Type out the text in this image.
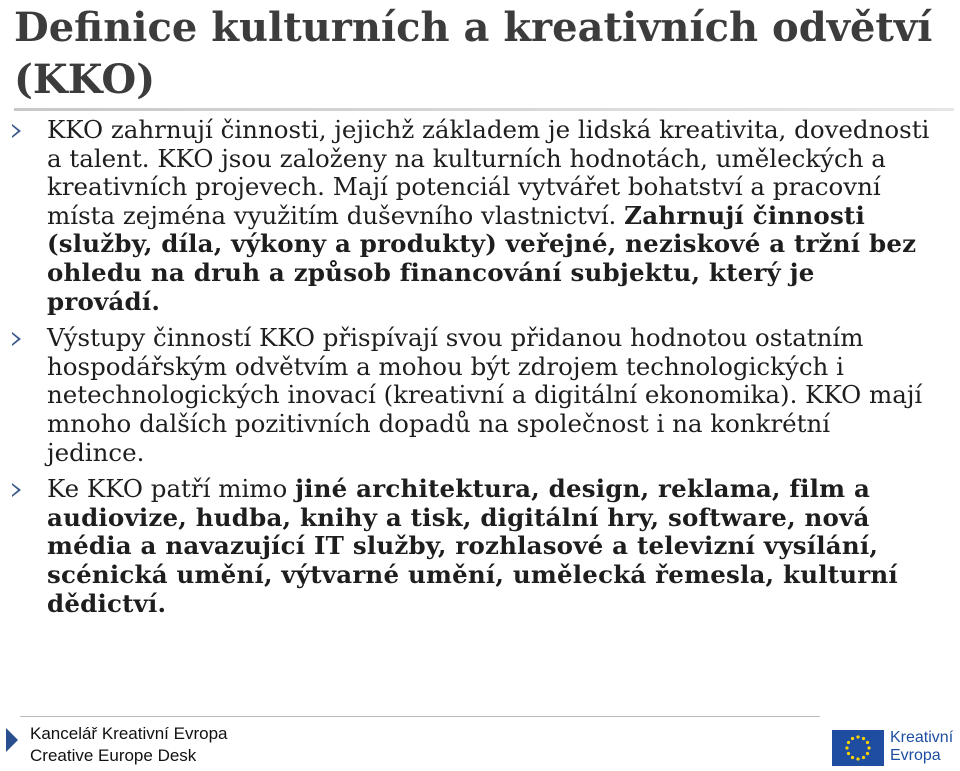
Definice kulturních a kreativních odvětví (KKO)

KKO zahrnují činnosti, jejichž základem je lidská kreativita, dovednosti a talent. KKO jsou založeny na kulturních hodnotách, uměleckých a kreativních projevech. Mají potenciál vytvářet bohatství a pracovní místa zejména využitím duševního vlastnictví. Zahrnují činnosti (služby, díla, výkony a produkty) veřejné, neziskové a tržní bez ohledu na druh a způsob financování subjektu, který je provádí.

Výstupy činností KKO přispívají svou přidanou hodnotou ostatním hospodářským odvětvím a mohou být zdrojem technologických i netechnologických inovací (kreativní a digitální ekonomika). KKO mají mnoho dalších pozitivních dopadů na společnost i na konkrétní jedince.

Ke KKO patří mimo jiné architektura, design, reklama, film a audiovize, hudba, knihy a tisk, digitální hry, software, nová média a navazující IT služby, rozhlasové a televizní vysílání, scénická umění, výtvarné umění, umělecká řemesla, kulturní dědictví.

Kancelář Kreativní Evropa
Creative Europe Desk
Kreativní
Evropa
